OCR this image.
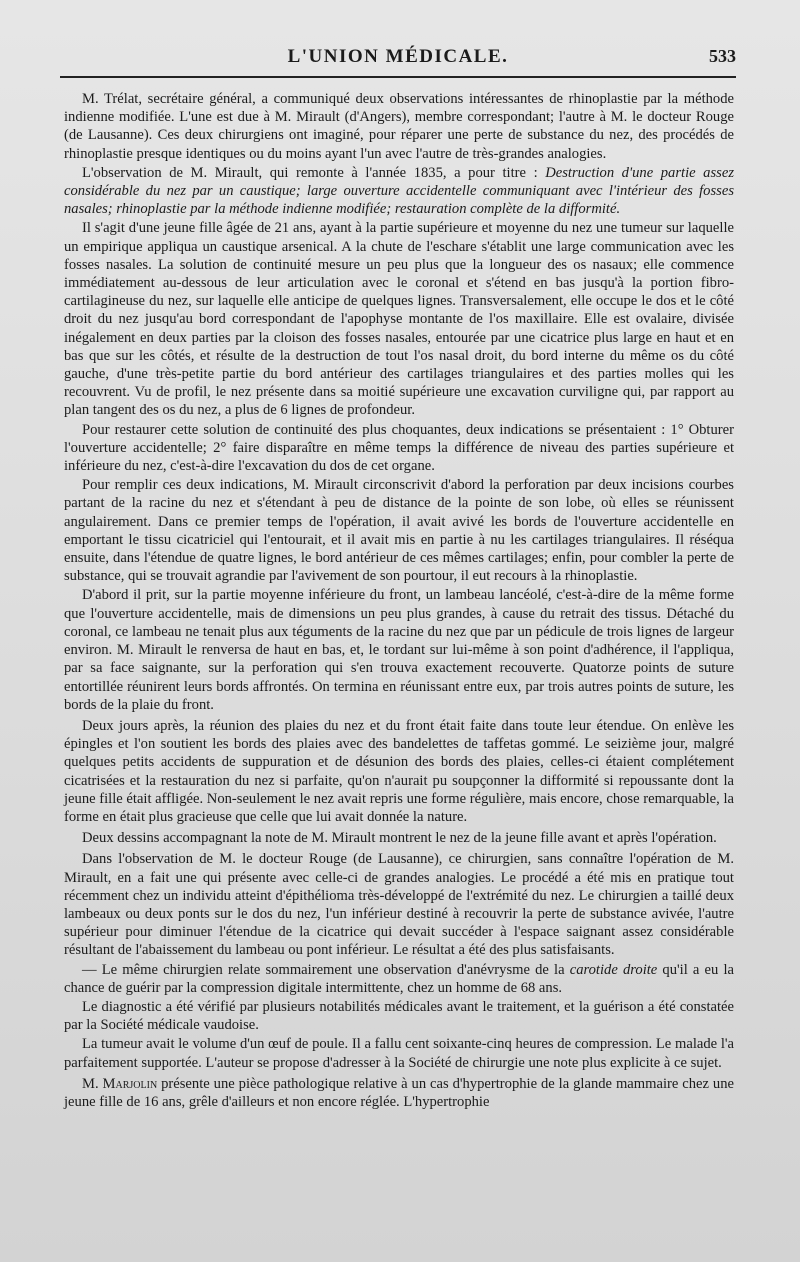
L'UNION MÉDICALE.	533

M. Trélat, secrétaire général, a communiqué deux observations intéressantes de rhinoplastie par la méthode indienne modifiée. L'une est due à M. Mirault (d'Angers), membre correspondant; l'autre à M. le docteur Rouge (de Lausanne). Ces deux chirurgiens ont imaginé, pour réparer une perte de substance du nez, des procédés de rhinoplastie presque identiques ou du moins ayant l'un avec l'autre de très-grandes analogies.

L'observation de M. Mirault, qui remonte à l'année 1835, a pour titre : Destruction d'une partie assez considérable du nez par un caustique; large ouverture accidentelle communiquant avec l'intérieur des fosses nasales; rhinoplastie par la méthode indienne modifiée; restauration complète de la difformité.

Il s'agit d'une jeune fille âgée de 21 ans, ayant à la partie supérieure et moyenne du nez une tumeur sur laquelle un empirique appliqua un caustique arsenical. A la chute de l'eschare s'établit une large communication avec les fosses nasales. La solution de continuité mesure un peu plus que la longueur des os nasaux; elle commence immédiatement au-dessous de leur articulation avec le coronal et s'étend en bas jusqu'à la portion fibro-cartilagineuse du nez, sur laquelle elle anticipe de quelques lignes. Transversalement, elle occupe le dos et le côté droit du nez jusqu'au bord correspondant de l'apophyse montante de l'os maxillaire. Elle est ovalaire, divisée inégalement en deux parties par la cloison des fosses nasales, entourée par une cicatrice plus large en haut et en bas que sur les côtés, et résulte de la destruction de tout l'os nasal droit, du bord interne du même os du côté gauche, d'une très-petite partie du bord antérieur des cartilages triangulaires et des parties molles qui les recouvrent. Vu de profil, le nez présente dans sa moitié supérieure une excavation curviligne qui, par rapport au plan tangent des os du nez, a plus de 6 lignes de profondeur.

Pour restaurer cette solution de continuité des plus choquantes, deux indications se présentaient : 1° Obturer l'ouverture accidentelle; 2° faire disparaître en même temps la différence de niveau des parties supérieure et inférieure du nez, c'est-à-dire l'excavation du dos de cet organe.

Pour remplir ces deux indications, M. Mirault circonscrivit d'abord la perforation par deux incisions courbes partant de la racine du nez et s'étendant à peu de distance de la pointe de son lobe, où elles se réunissent angulairement. Dans ce premier temps de l'opération, il avait avivé les bords de l'ouverture accidentelle en emportant le tissu cicatriciel qui l'entourait, et il avait mis en partie à nu les cartilages triangulaires. Il réséqua ensuite, dans l'étendue de quatre lignes, le bord antérieur de ces mêmes cartilages; enfin, pour combler la perte de substance, qui se trouvait agrandie par l'avivement de son pourtour, il eut recours à la rhinoplastie.

D'abord il prit, sur la partie moyenne inférieure du front, un lambeau lancéolé, c'est-à-dire de la même forme que l'ouverture accidentelle, mais de dimensions un peu plus grandes, à cause du retrait des tissus. Détaché du coronal, ce lambeau ne tenait plus aux téguments de la racine du nez que par un pédicule de trois lignes de largeur environ. M. Mirault le renversa de haut en bas, et, le tordant sur lui-même à son point d'adhérence, il l'appliqua, par sa face saignante, sur la perforation qui s'en trouva exactement recouverte. Quatorze points de suture entortillée réunirent leurs bords affrontés. On termina en réunissant entre eux, par trois autres points de suture, les bords de la plaie du front.

Deux jours après, la réunion des plaies du nez et du front était faite dans toute leur étendue. On enlève les épingles et l'on soutient les bords des plaies avec des bandelettes de taffetas gommé. Le seizième jour, malgré quelques petits accidents de suppuration et de désunion des bords des plaies, celles-ci étaient complétement cicatrisées et la restauration du nez si parfaite, qu'on n'aurait pu soupçonner la difformité si repoussante dont la jeune fille était affligée. Non-seulement le nez avait repris une forme régulière, mais encore, chose remarquable, la forme en était plus gracieuse que celle que lui avait donnée la nature.

Deux dessins accompagnant la note de M. Mirault montrent le nez de la jeune fille avant et après l'opération.

Dans l'observation de M. le docteur Rouge (de Lausanne), ce chirurgien, sans connaître l'opération de M. Mirault, en a fait une qui présente avec celle-ci de grandes analogies. Le procédé a été mis en pratique tout récemment chez un individu atteint d'épithélioma très-développé de l'extrémité du nez. Le chirurgien a taillé deux lambeaux ou deux ponts sur le dos du nez, l'un inférieur destiné à recouvrir la perte de substance avivée, l'autre supérieur pour diminuer l'étendue de la cicatrice qui devait succéder à l'espace saignant assez considérable résultant de l'abaissement du lambeau ou pont inférieur. Le résultat a été des plus satisfaisants.

— Le même chirurgien relate sommairement une observation d'anévrysme de la carotide droite qu'il a eu la chance de guérir par la compression digitale intermittente, chez un homme de 68 ans.

Le diagnostic a été vérifié par plusieurs notabilités médicales avant le traitement, et la guérison a été constatée par la Société médicale vaudoise.

La tumeur avait le volume d'un œuf de poule. Il a fallu cent soixante-cinq heures de compression. Le malade l'a parfaitement supportée. L'auteur se propose d'adresser à la Société de chirurgie une note plus explicite à ce sujet.

M. Marjolin présente une pièce pathologique relative à un cas d'hypertrophie de la glande mammaire chez une jeune fille de 16 ans, grêle d'ailleurs et non encore réglée. L'hypertrophie
